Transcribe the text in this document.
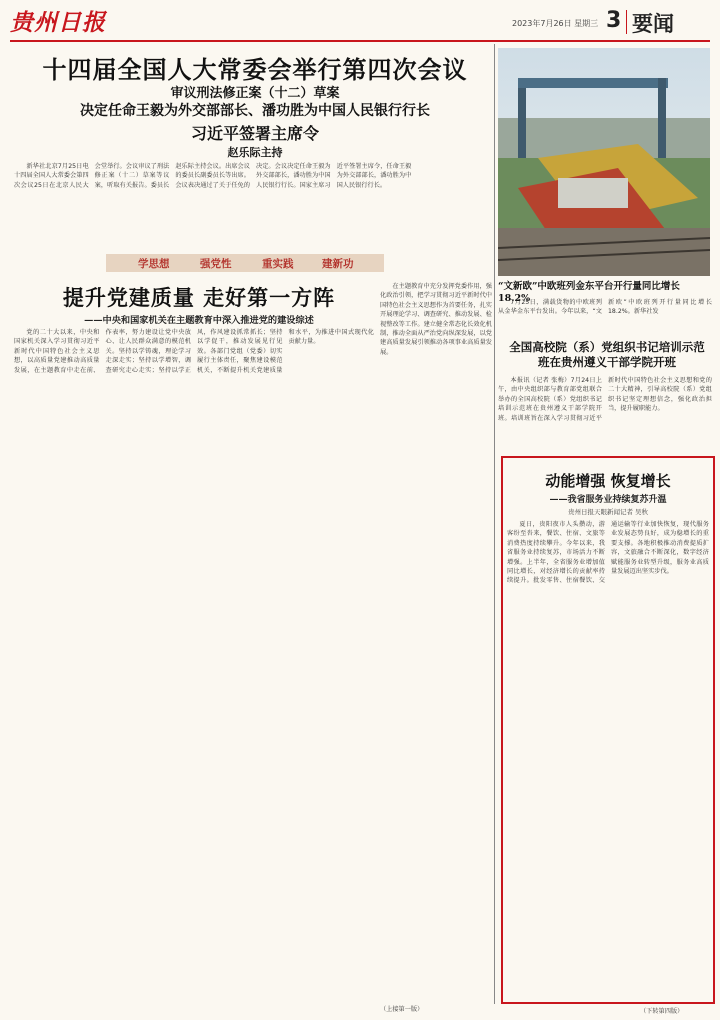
贵州日报	2023年7月26日 星期三 3 要闻
十四届全国人大常委会举行第四次会议
审议刑法修正案（十二）草案
决定任命王毅为外交部部长、潘功胜为中国人民银行行长
习近平签署主席令
赵乐际主持

新华社北京7月25日电 十四届全国人大常委会第四次会议25日在北京人民大会堂举行。会议审议了刑法修正案（十二）草案等议案，听取有关报告。委员长赵乐际主持会议。出席会议的委员长副委员长等出席。会议表决通过了关于任免的决定。会议决定任命王毅为外交部部长，潘功胜为中国人民银行行长。国家主席习近平签署主席令，任命王毅为外交部部长，潘功胜为中国人民银行行长。

“文新欧”中欧班列金东平台开行量同比增长18.2%

7月25日，满载货物的中欧班列从金华金东平台发出。今年以来，“文新欧”中欧班列开行量同比增长18.2%。新华社发

学思想	强党性	重实践	建新功
提升党建质量 走好第一方阵
——中央和国家机关在主题教育中深入推进党的建设综述

党的二十大以来，中央和国家机关深入学习贯彻习近平新时代中国特色社会主义思想，以高质量党建推动高质量发展，在主题教育中走在前、作表率，努力建设让党中央放心、让人民群众满意的模范机关。坚持以学铸魂，理论学习走深走实；坚持以学增智，调查研究走心走实；坚持以学正风，作风建设抓常抓长；坚持以学促干，推动发展见行见效。各部门党组（党委）切实履行主体责任，聚焦建设模范机关，不断提升机关党建质量和水平，为推进中国式现代化贡献力量。

在主题教育中充分发挥党委作用，强化政治引领，把学习贯彻习近平新时代中国特色社会主义思想作为首要任务，扎实开展理论学习、调查研究、推动发展、检视整改等工作。建立健全常态化长效化机制，推动全面从严治党向纵深发展，以党建高质量发展引领推动各项事业高质量发展。	全国高校院（系）党组织书记培训示范班在贵州遵义干部学院开班

本报讯（记者 张梅）7月24日上午，由中央组织部与教育部党组联合举办的全国高校院（系）党组织书记培训示范班在贵州遵义干部学院开班。培训班旨在深入学习贯彻习近平新时代中国特色社会主义思想和党的二十大精神，引导高校院（系）党组织书记坚定理想信念，强化政治担当，提升履职能力。

动能增强 恢复增长
——我省服务业持续复苏升温
贵州日报天眼新闻记者 吴秋

夏日，贵阳夜市人头攒动，游客纷至沓来，餐饮、住宿、文旅等消费热度持续攀升。今年以来，我省服务业持续复苏，市场活力不断增强。上半年，全省服务业增加值同比增长，对经济增长的贡献率持续提升。批发零售、住宿餐饮、交通运输等行业加快恢复，现代服务业发展态势良好，成为稳增长的重要支撑。各地积极推动消费提质扩容，文旅融合不断深化，数字经济赋能服务业转型升级，服务业高质量发展迈出坚实步伐。

（上接第一版）	（下转第四版）
